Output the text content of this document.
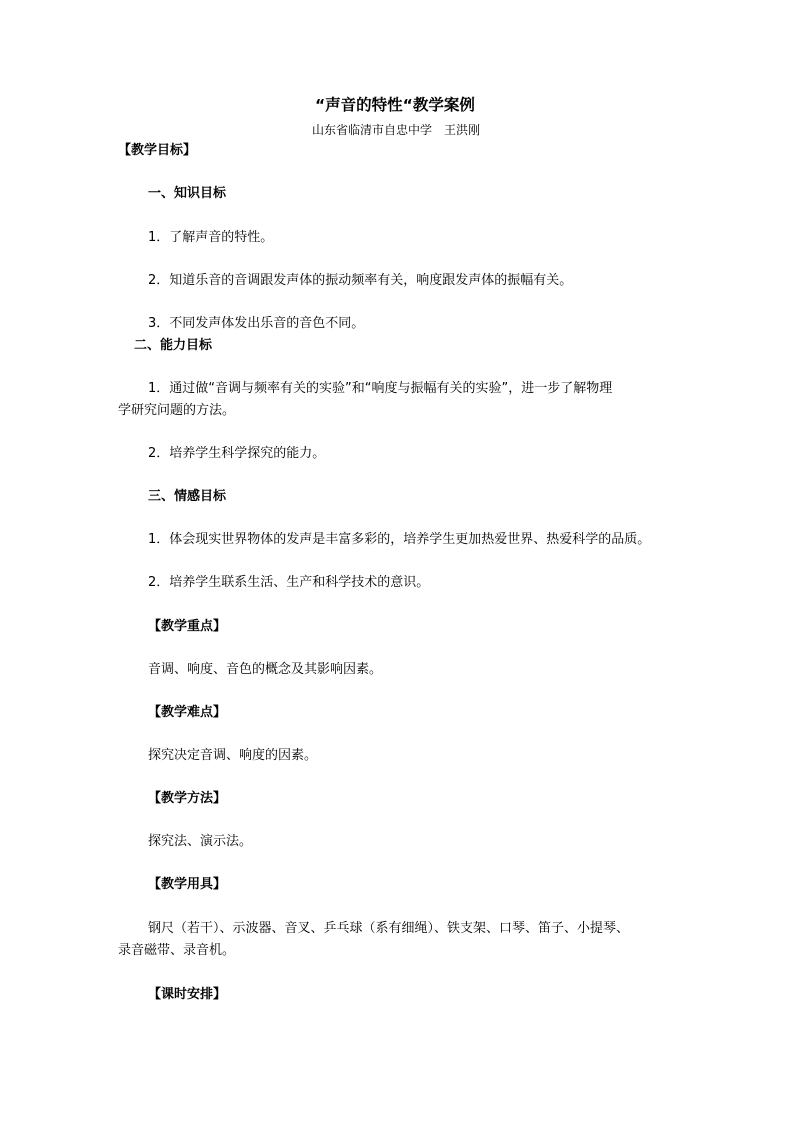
“声音的特性“教学案例
山东省临清市自忠中学　王洪刚
【教学目标】
一、知识目标
1．了解声音的特性。
2．知道乐音的音调跟发声体的振动频率有关，响度跟发声体的振幅有关。
3．不同发声体发出乐音的音色不同。
二、能力目标
1．通过做“音调与频率有关的实验”和“响度与振幅有关的实验”，进一步了解物理
学研究问题的方法。
2．培养学生科学探究的能力。
三、情感目标
1．体会现实世界物体的发声是丰富多彩的，培养学生更加热爱世界、热爱科学的品质。
2．培养学生联系生活、生产和科学技术的意识。
【教学重点】
音调、响度、音色的概念及其影响因素。
【教学难点】
探究决定音调、响度的因素。
【教学方法】
探究法、演示法。
【教学用具】
钢尺（若干）、示波器、音叉、乒乓球（系有细绳）、铁支架、口琴、笛子、小提琴、
录音磁带、录音机。
【课时安排】
